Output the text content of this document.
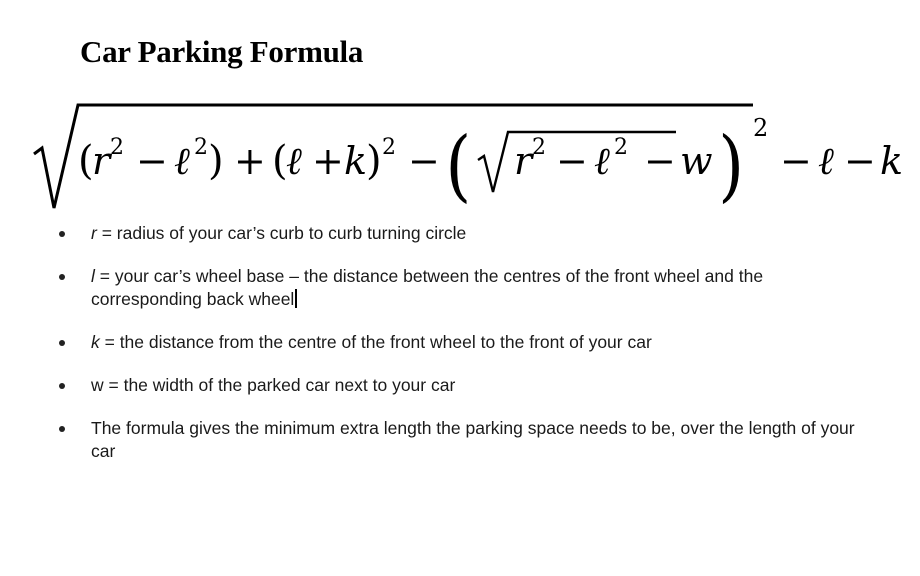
Car Parking Formula
(
r 2 − ℓ 2 ) + (
ℓ + k
) 2 − ( r 2 − ℓ 2 − w ) 2
− ℓ − k
r = radius of your car’s curb to curb turning circle
l = your car’s wheel base – the distance between the centres of the front wheel and the corresponding back wheel
k = the distance from the centre of the front wheel to the front of your car
w = the width of the parked car next to your car
The formula gives the minimum extra length the parking space needs to be, over the length of your car
